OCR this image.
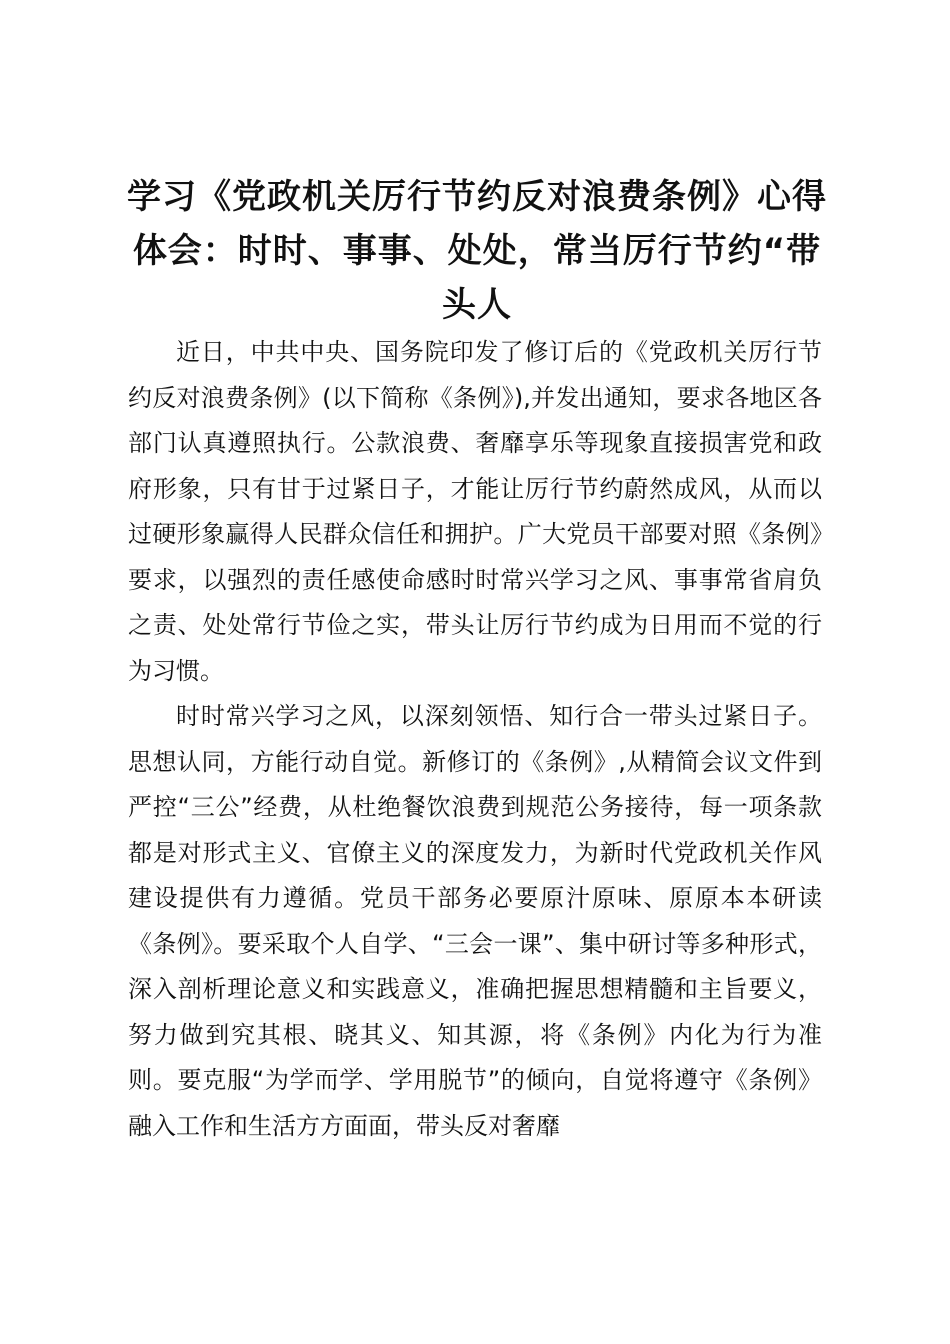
学习《党政机关厉行节约反对浪费条例》心得体会：时时、事事、处处，常当厉行节约“带头人

近日，中共中央、国务院印发了修订后的《党政机关厉行节约反对浪费条例》(以下简称《条例》),并发出通知，要求各地区各部门认真遵照执行。公款浪费、奢靡享乐等现象直接损害党和政府形象，只有甘于过紧日子，才能让厉行节约蔚然成风，从而以过硬形象赢得人民群众信任和拥护。广大党员干部要对照《条例》要求，以强烈的责任感使命感时时常兴学习之风、事事常省肩负之责、处处常行节俭之实，带头让厉行节约成为日用而不觉的行为习惯。

时时常兴学习之风，以深刻领悟、知行合一带头过紧日子。思想认同，方能行动自觉。新修订的《条例》,从精简会议文件到严控“三公”经费，从杜绝餐饮浪费到规范公务接待，每一项条款都是对形式主义、官僚主义的深度发力，为新时代党政机关作风建设提供有力遵循。党员干部务必要原汁原味、原原本本研读《条例》。要采取个人自学、“三会一课”、集中研讨等多种形式，深入剖析理论意义和实践意义，准确把握思想精髓和主旨要义，努力做到究其根、晓其义、知其源，将《条例》内化为行为准则。要克服“为学而学、学用脱节”的倾向，自觉将遵守《条例》融入工作和生活方方面面，带头反对奢靡
